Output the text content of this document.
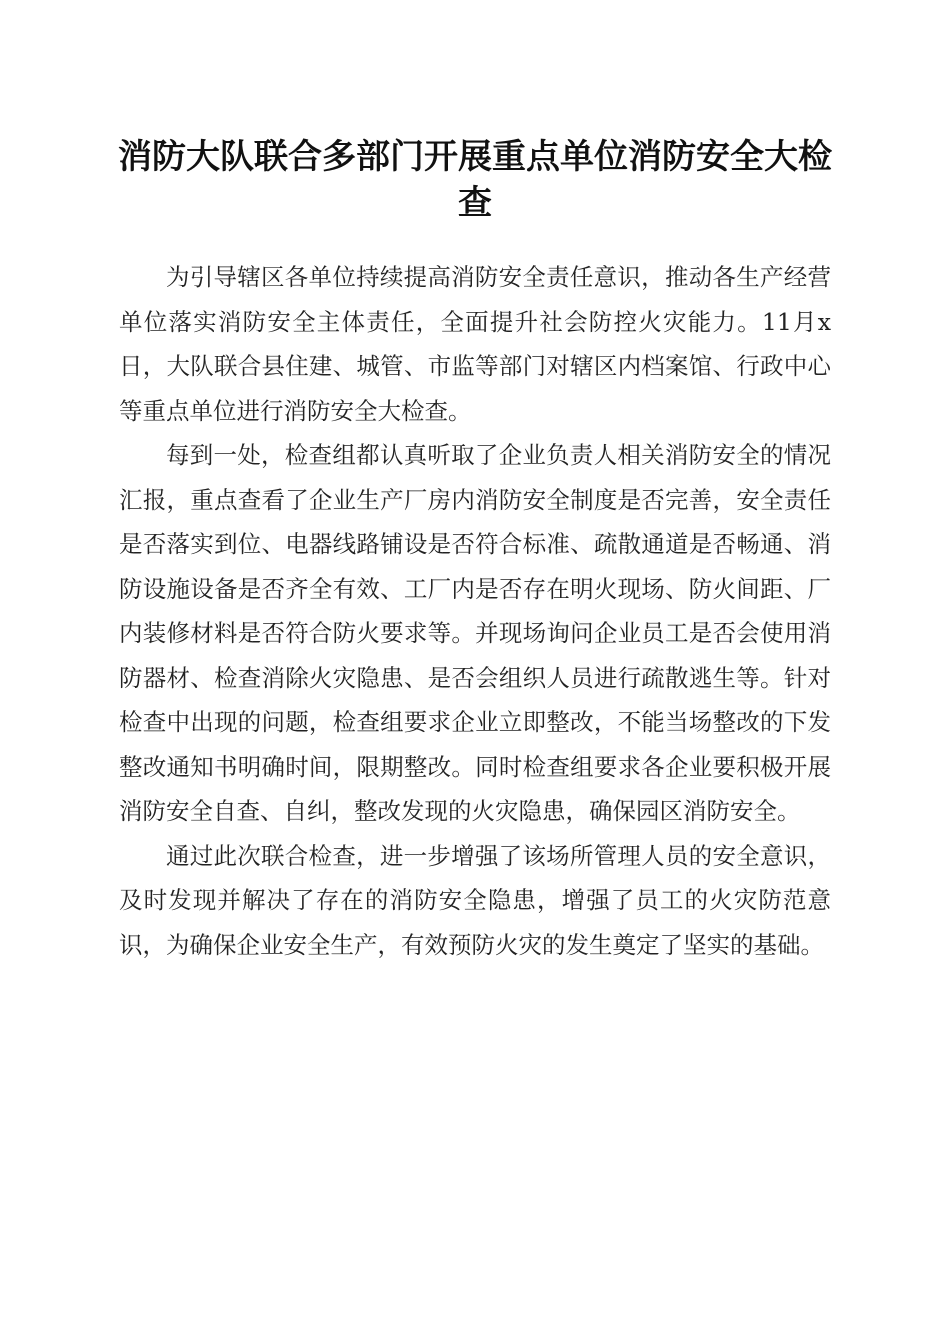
消防大队联合多部门开展重点单位消防安全大检查

为引导辖区各单位持续提高消防安全责任意识，推动各生产经营单位落实消防安全主体责任，全面提升社会防控火灾能力。11月x日，大队联合县住建、城管、市监等部门对辖区内档案馆、行政中心等重点单位进行消防安全大检查。

每到一处，检查组都认真听取了企业负责人相关消防安全的情况汇报，重点查看了企业生产厂房内消防安全制度是否完善，安全责任是否落实到位、电器线路铺设是否符合标准、疏散通道是否畅通、消防设施设备是否齐全有效、工厂内是否存在明火现场、防火间距、厂内装修材料是否符合防火要求等。并现场询问企业员工是否会使用消防器材、检查消除火灾隐患、是否会组织人员进行疏散逃生等。针对检查中出现的问题，检查组要求企业立即整改，不能当场整改的下发整改通知书明确时间，限期整改。同时检查组要求各企业要积极开展消防安全自查、自纠，整改发现的火灾隐患，确保园区消防安全。

通过此次联合检查，进一步增强了该场所管理人员的安全意识，及时发现并解决了存在的消防安全隐患，增强了员工的火灾防范意识，为确保企业安全生产，有效预防火灾的发生奠定了坚实的基础。
